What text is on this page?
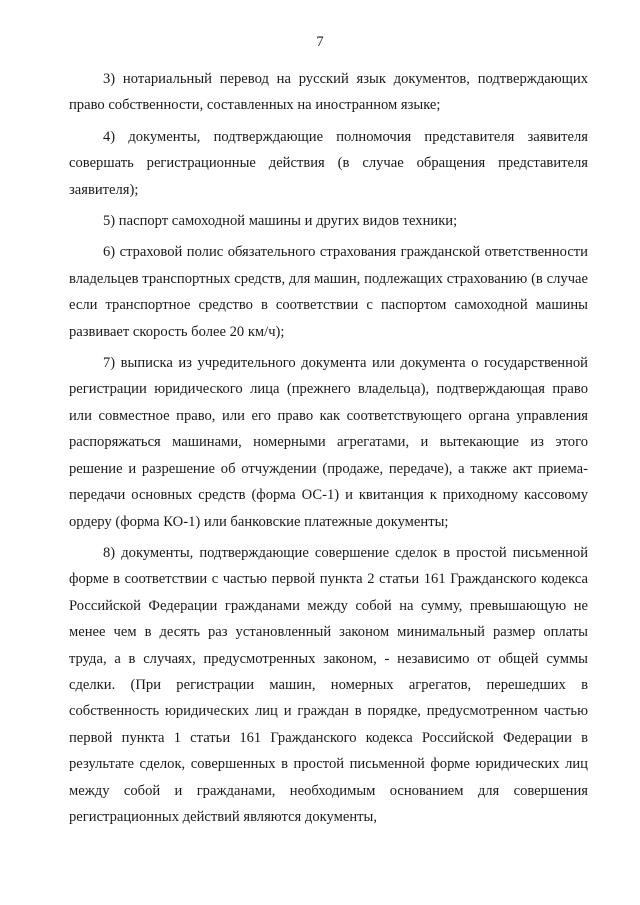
7

3) нотариальный перевод на русский язык документов, подтверждающих право собственности, составленных на иностранном языке;

4) документы, подтверждающие полномочия представителя заявителя совершать регистрационные действия (в случае обращения представителя заявителя);

5) паспорт самоходной машины и других видов техники;

6) страховой полис обязательного страхования гражданской ответственности владельцев транспортных средств, для машин, подлежащих страхованию (в случае если транспортное средство в соответствии с паспортом самоходной машины развивает скорость более 20 км/ч);

7) выписка из учредительного документа или документа о государственной регистрации юридического лица (прежнего владельца), подтверждающая право или совместное право, или его право как соответствующего органа управления распоряжаться машинами, номерными агрегатами, и вытекающие из этого решение и разрешение об отчуждении (продаже, передаче), а также акт приема-передачи основных средств (форма ОС-1) и квитанция к приходному кассовому ордеру (форма КО-1) или банковские платежные документы;

8) документы, подтверждающие совершение сделок в простой письменной форме в соответствии с частью первой пункта 2 статьи 161 Гражданского кодекса Российской Федерации гражданами между собой на сумму, превышающую не менее чем в десять раз установленный законом минимальный размер оплаты труда, а в случаях, предусмотренных законом, - независимо от общей суммы сделки. (При регистрации машин, номерных агрегатов, перешедших в собственность юридических лиц и граждан в порядке, предусмотренном частью первой пункта 1 статьи 161 Гражданского кодекса Российской Федерации в результате сделок, совершенных в простой письменной форме юридических лиц между собой и гражданами, необходимым основанием для совершения регистрационных действий являются документы,
